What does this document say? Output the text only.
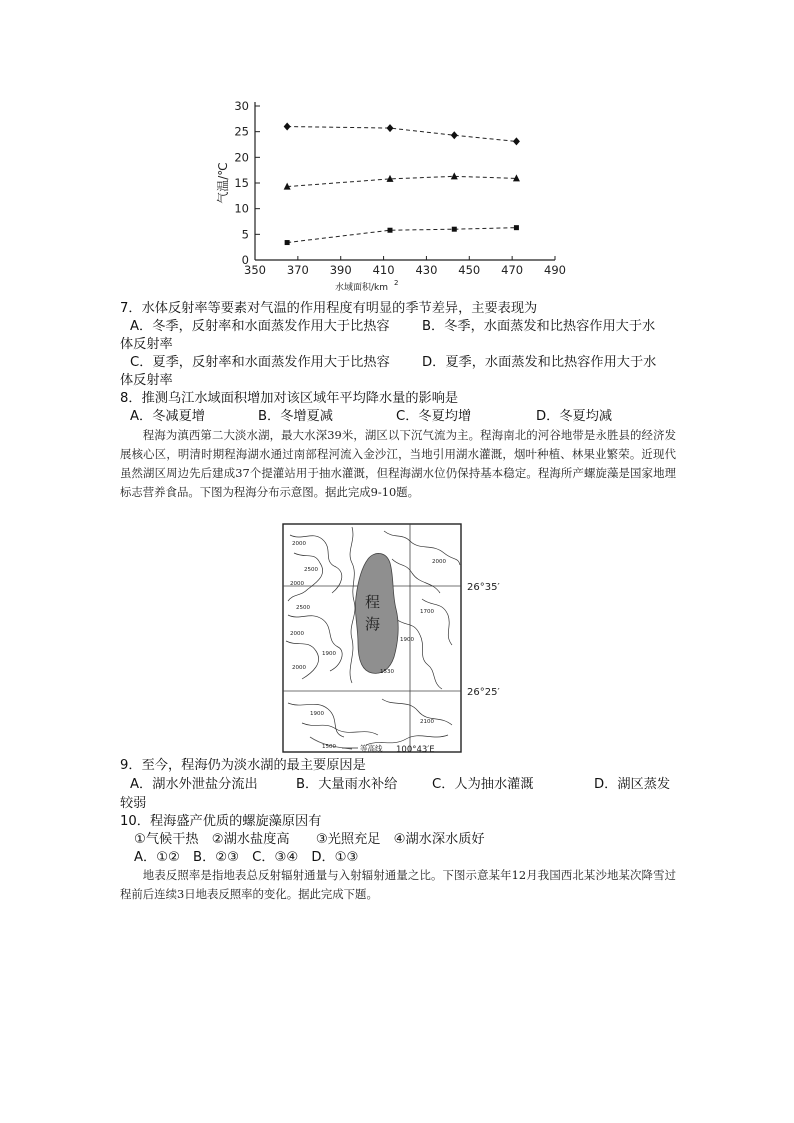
0
5
10
15
20
25
30
350 370 390 410 430 450 470 490
气温/℃
水域面积/km 2
7．水体反射率等要素对气温的作用程度有明显的季节差异，主要表现为
A．冬季，反射率和水面蒸发作用大于比热容 B．冬季，水面蒸发和比热容作用大于水
体反射率
C．夏季，反射率和水面蒸发作用大于比热容 D．夏季，水面蒸发和比热容作用大于水
体反射率
8．推测乌江水域面积增加对该区域年平均降水量的影响是
A．冬减夏增	B．冬增夏减	C．冬夏均增	D．冬夏均减

程海为滇西第二大淡水湖，最大水深39米，湖区以下沉气流为主。程海南北的河谷地带是永胜县的经济发展核心区，明清时期程海湖水通过南部程河流入金沙江，当地引用湖水灌溉，烟叶种植、林果业繁荣。近现代虽然湖区周边先后建成37个提灌站用于抽水灌溉，但程海湖水位仍保持基本稳定。程海所产螺旋藻是国家地理标志营养食品。下图为程海分布示意图。据此完成9-10题。

程
海
26°35′
26°25′
100°43′E
等高线
2000
2500
2000
2500
2000
1900
2000
1900
1500
1530
1700
1900
2100
2000
9．至今，程海仍为淡水湖的最主要原因是
A．湖水外泄盐分流出	B．大量雨水补给	C．人为抽水灌溉	D．湖区蒸发
较弱
10．程海盛产优质的螺旋藻原因有
①气候干热　②湖水盐度高　　③光照充足　④湖水深水质好
A．①②　B．②③　C．③④　D．①③

地表反照率是指地表总反射辐射通量与入射辐射通量之比。下图示意某年12月我国西北某沙地某次降雪过程前后连续3日地表反照率的变化。据此完成下题。
